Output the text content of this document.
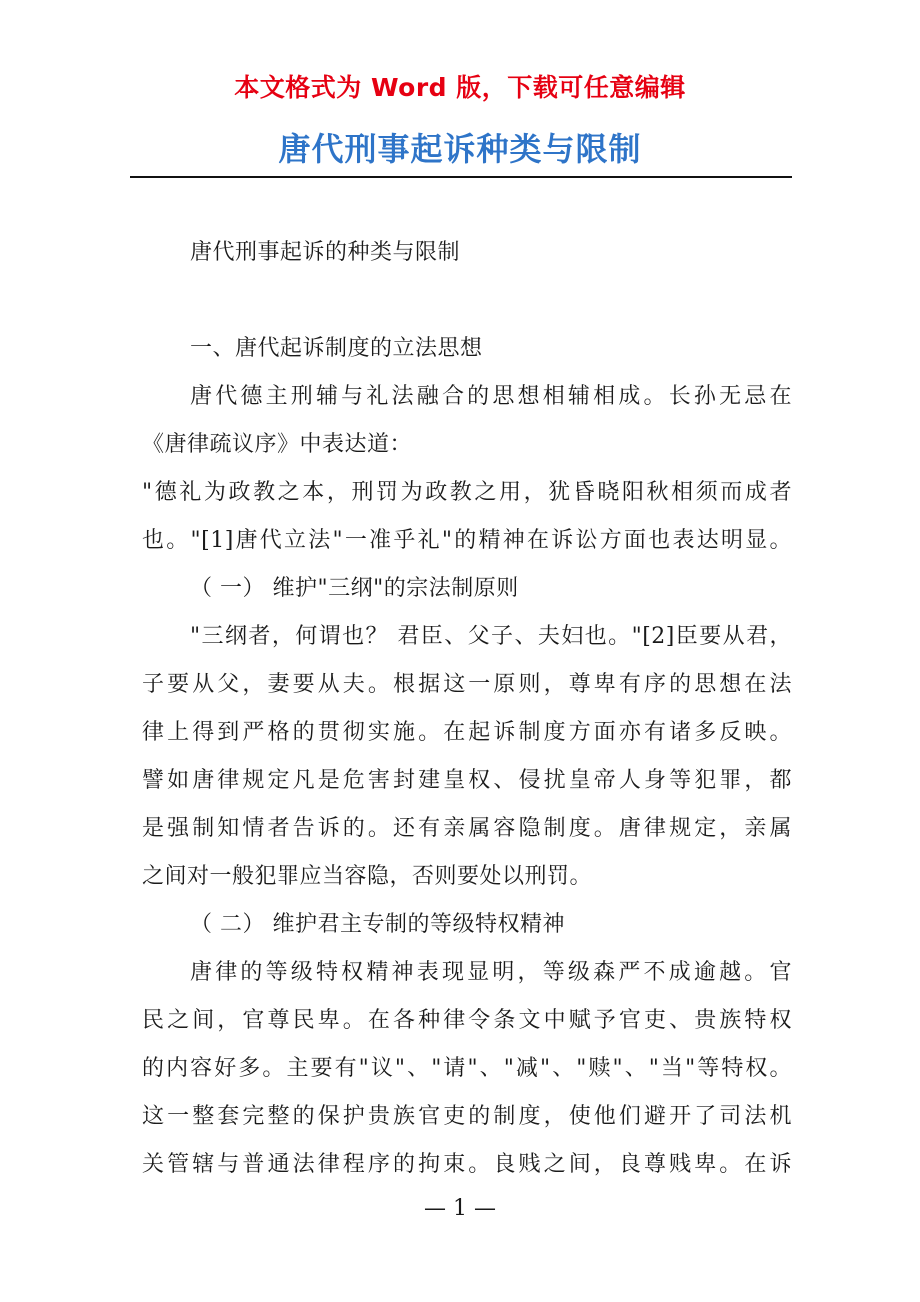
本文格式为 Word 版，下载可任意编辑
唐代刑事起诉种类与限制
唐代刑事起诉的种类与限制
一、唐代起诉制度的立法思想
唐代德主刑辅与礼法融合的思想相辅相成。长孙无忌在
《唐律疏议序》中表达道：
"德礼为政教之本，刑罚为政教之用，犹昏晓阳秋相须而成者
也。"[1]唐代立法"一准乎礼"的精神在诉讼方面也表达明显。
（ 一） 维护"三纲"的宗法制原则
"三纲者，何谓也？ 君臣、父子、夫妇也。"[2]臣要从君，
子要从父，妻要从夫。根据这一原则，尊卑有序的思想在法
律上得到严格的贯彻实施。在起诉制度方面亦有诸多反映。
譬如唐律规定凡是危害封建皇权、侵扰皇帝人身等犯罪，都
是强制知情者告诉的。还有亲属容隐制度。唐律规定，亲属
之间对一般犯罪应当容隐，否则要处以刑罚。
（ 二） 维护君主专制的等级特权精神
唐律的等级特权精神表现显明，等级森严不成逾越。官
民之间，官尊民卑。在各种律令条文中赋予官吏、贵族特权
的内容好多。主要有"议"、"请"、"减"、"赎"、"当"等特权。
这一整套完整的保护贵族官吏的制度，使他们避开了司法机
关管辖与普通法律程序的拘束。良贱之间，良尊贱卑。在诉
— 1 —
